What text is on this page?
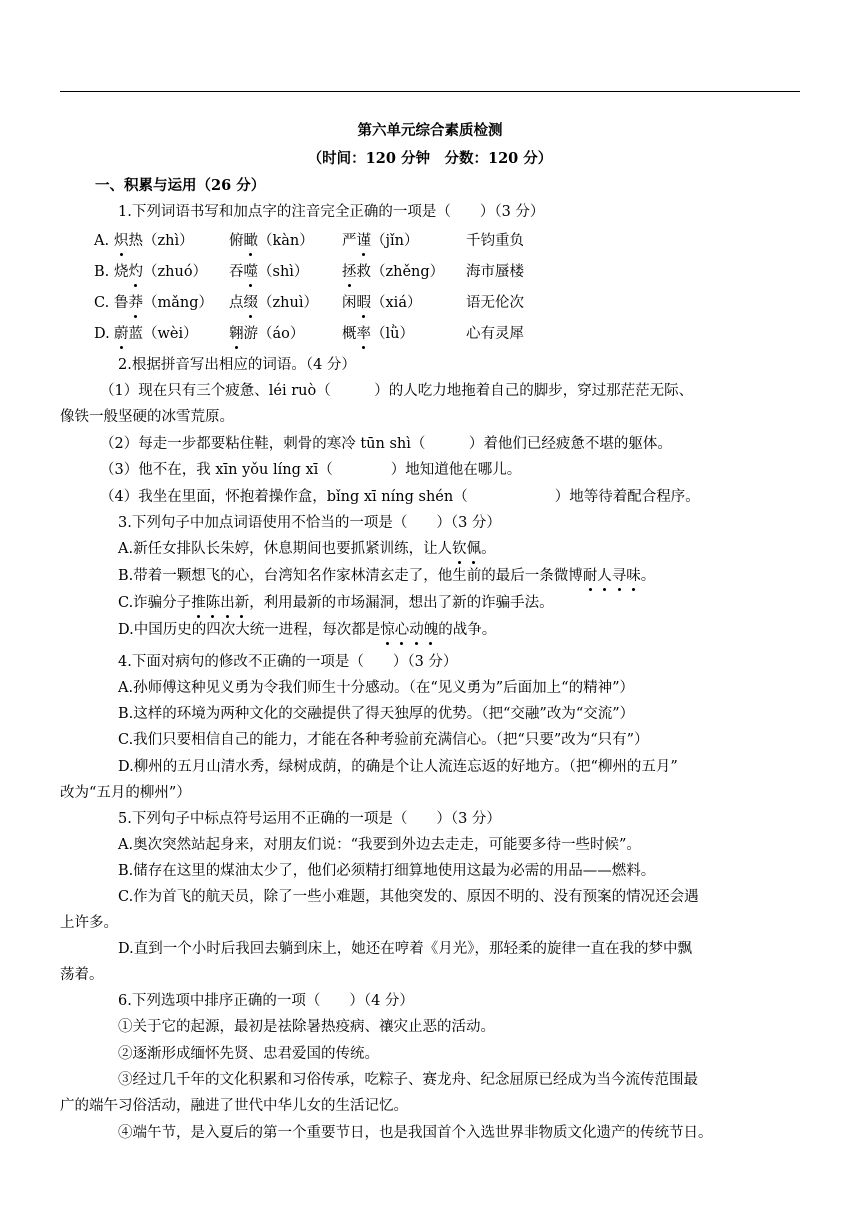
第六单元综合素质检测
（时间：120 分钟　分数：120 分）
一、积累与运用（26 分）
1.下列词语书写和加点字的注音完全正确的一项是（　　）（3 分）
A. 炽热（zhì） 俯瞰（kàn） 严谨（jǐn）	千钧重负
B. 烧灼（zhuó） 吞噬（shì） 拯救（zhěng） 海市蜃楼
C. 鲁莽（mǎng） 点缀（zhuì） 闲暇（xiá）	语无伦次
D. 蔚蓝（wèi） 翱游（áo）	概率（lǜ）	心有灵犀
2.根据拼音写出相应的词语。（4 分）
（1）现在只有三个疲惫、léi ruò（　　　）的人吃力地拖着自己的脚步，穿过那茫茫无际、
像铁一般坚硬的冰雪荒原。
（2）每走一步都要粘住鞋，刺骨的寒冷 tūn shì（　　　）着他们已经疲惫不堪的躯体。
（3）他不在，我 xīn yǒu líng xī（　　　　）地知道他在哪儿。
（4）我坐在里面，怀抱着操作盒，bǐng xī níng shén（　　　　　　）地等待着配合程序。
3.下列句子中加点词语使用不恰当的一项是（　　）（3 分）
A.新任女排队长朱婷，休息期间也要抓紧训练，让人钦佩。
B.带着一颗想飞的心，台湾知名作家林清玄走了，他生前的最后一条微博耐人寻味。
C.诈骗分子推陈出新，利用最新的市场漏洞，想出了新的诈骗手法。
D.中国历史的四次大统一进程，每次都是惊心动魄的战争。
4.下面对病句的修改不正确的一项是（　　）（3 分）
A.孙师傅这种见义勇为令我们师生十分感动。（在“见义勇为”后面加上“的精神”）
B.这样的环境为两种文化的交融提供了得天独厚的优势。（把“交融”改为“交流”）
C.我们只要相信自己的能力，才能在各种考验前充满信心。（把“只要”改为“只有”）
D.柳州的五月山清水秀，绿树成荫，的确是个让人流连忘返的好地方。（把“柳州的五月”
改为“五月的柳州”）
5.下列句子中标点符号运用不正确的一项是（　　）（3 分）
A.奥次突然站起身来，对朋友们说：“我要到外边去走走，可能要多待一些时候”。
B.储存在这里的煤油太少了，他们必须精打细算地使用这最为必需的用品——燃料。
C.作为首飞的航天员，除了一些小难题，其他突发的、原因不明的、没有预案的情况还会遇
上许多。
D.直到一个小时后我回去躺到床上，她还在哼着《月光》，那轻柔的旋律一直在我的梦中飘
荡着。
6.下列选项中排序正确的一项（　　）（4 分）
①关于它的起源，最初是祛除暑热疫病、禳灾止恶的活动。
②逐渐形成缅怀先贤、忠君爱国的传统。
③经过几千年的文化积累和习俗传承，吃粽子、赛龙舟、纪念屈原已经成为当今流传范围最
广的端午习俗活动，融进了世代中华儿女的生活记忆。
④端午节，是入夏后的第一个重要节日，也是我国首个入选世界非物质文化遗产的传统节日。
